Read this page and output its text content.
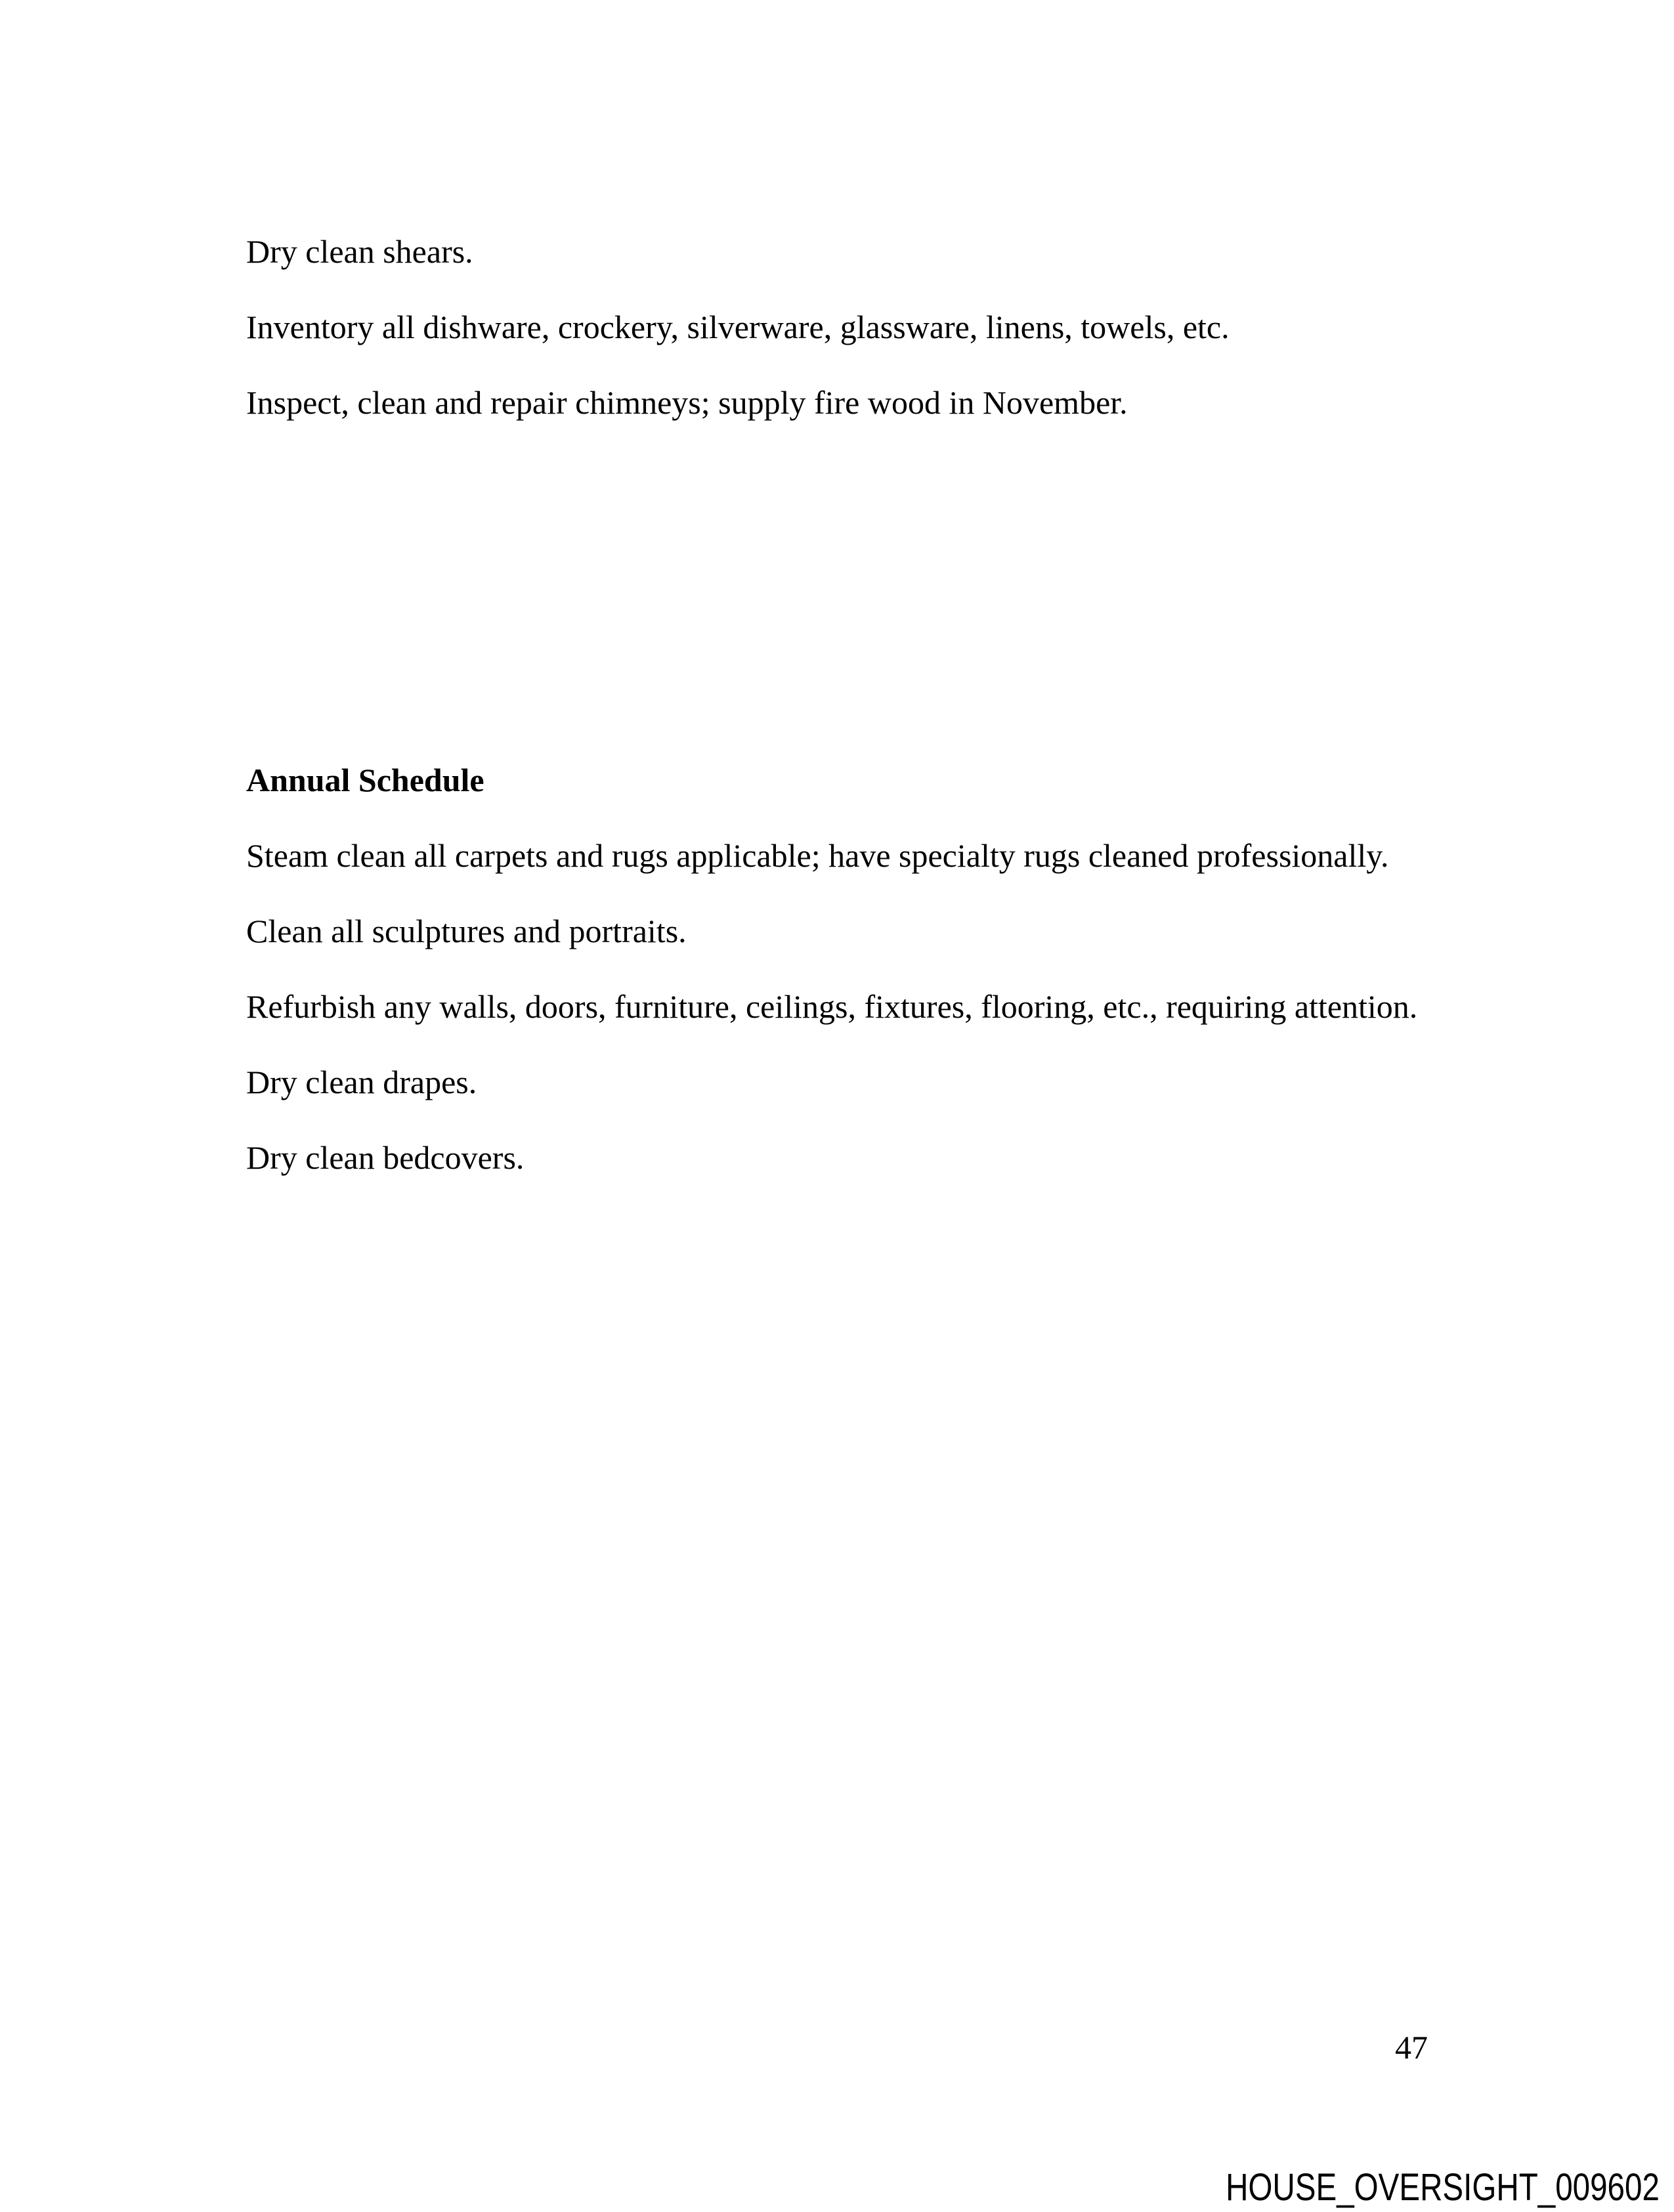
Dry clean shears.

Inventory all dishware, crockery, silverware, glassware, linens, towels, etc.

Inspect, clean and repair chimneys; supply fire wood in November.

Annual Schedule

Steam clean all carpets and rugs applicable; have specialty rugs cleaned professionally.

Clean all sculptures and portraits.

Refurbish any walls, doors, furniture, ceilings, fixtures, flooring, etc., requiring attention.

Dry clean drapes.

Dry clean bedcovers.

47
HOUSE_OVERSIGHT_009602
